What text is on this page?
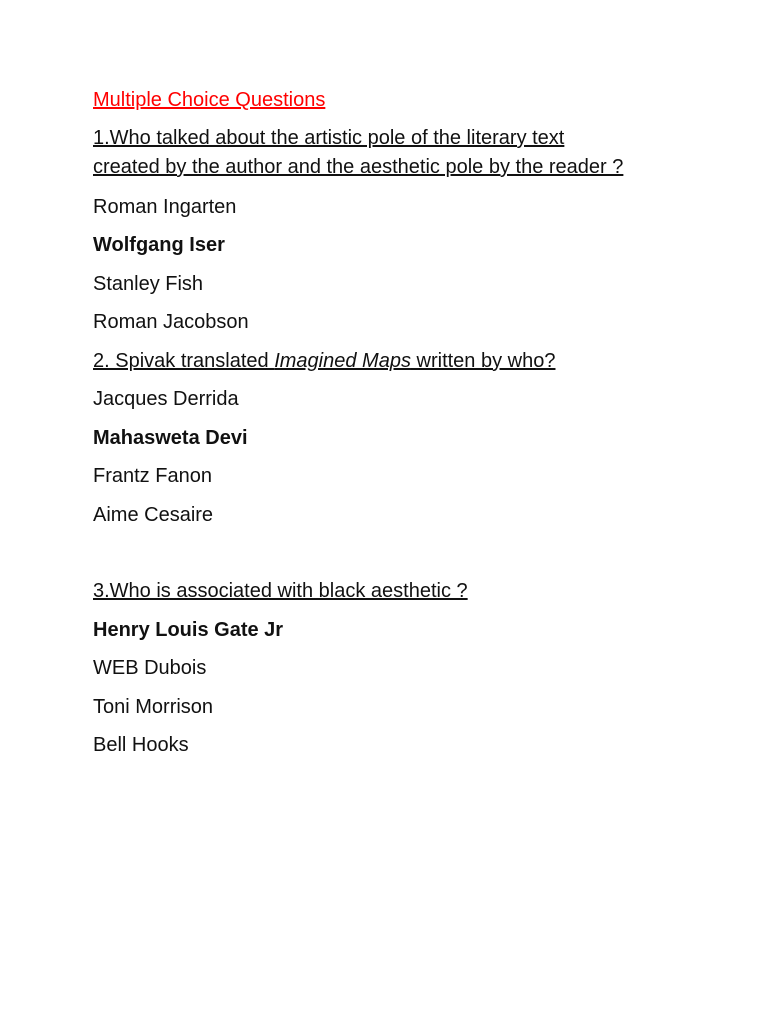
Multiple Choice Questions
1.Who talked about the artistic pole of the literary text
created by the author and the aesthetic pole by the reader ?
Roman Ingarten
Wolfgang Iser
Stanley Fish
Roman Jacobson
2. Spivak translated Imagined Maps written by who?
Jacques Derrida
Mahasweta Devi
Frantz Fanon
Aime Cesaire
3.Who is associated with black aesthetic ?
Henry Louis Gate Jr
WEB Dubois
Toni Morrison
Bell Hooks
